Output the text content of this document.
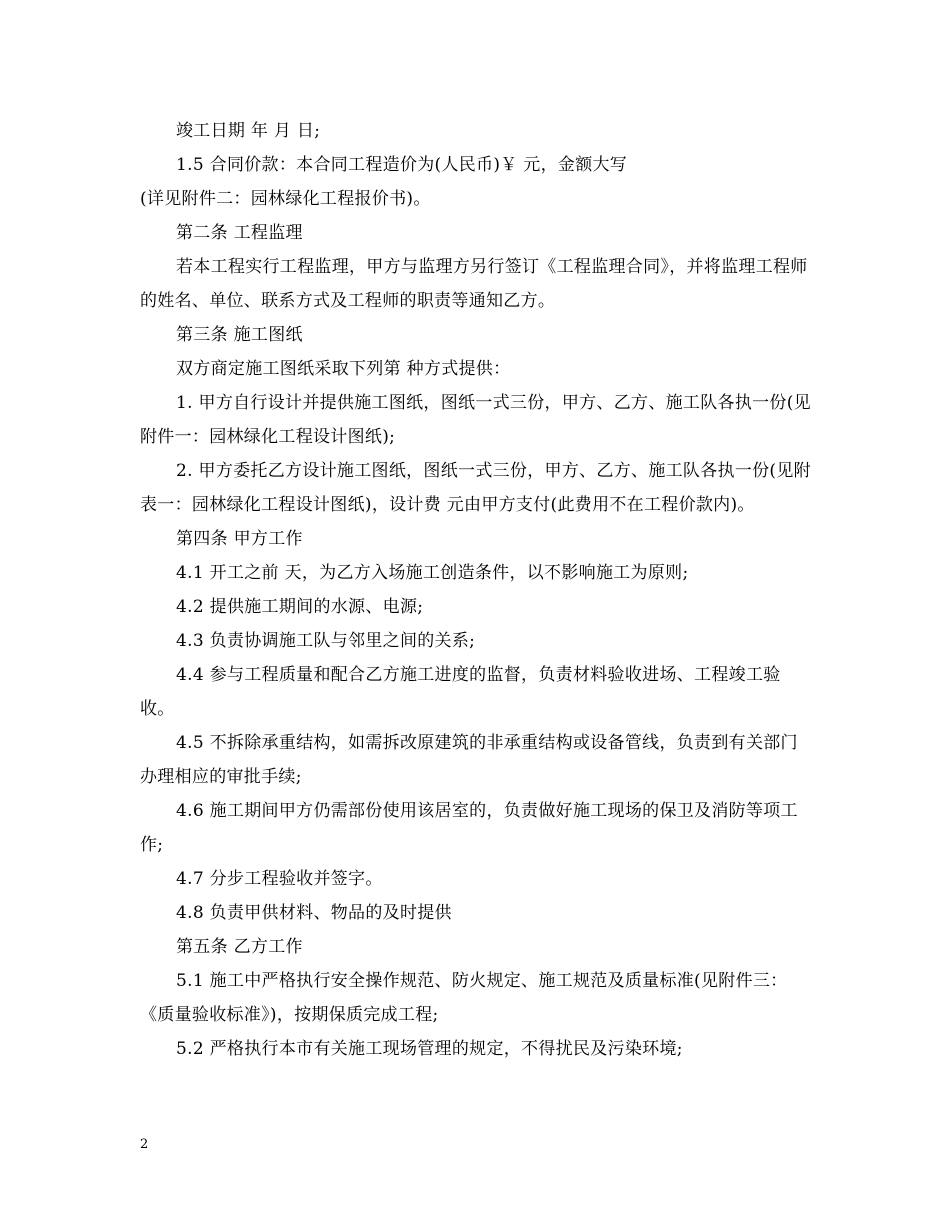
竣工日期 年 月 日;

1.5 合同价款：本合同工程造价为(人民币)￥ 元，金额大写

(详见附件二：园林绿化工程报价书)。

第二条 工程监理

若本工程实行工程监理，甲方与监理方另行签订《工程监理合同》，并将监理工程师的姓名、单位、联系方式及工程师的职责等通知乙方。

第三条 施工图纸

双方商定施工图纸采取下列第 种方式提供：

1. 甲方自行设计并提供施工图纸，图纸一式三份，甲方、乙方、施工队各执一份(见附件一：园林绿化工程设计图纸);

2. 甲方委托乙方设计施工图纸，图纸一式三份，甲方、乙方、施工队各执一份(见附表一：园林绿化工程设计图纸)，设计费 元由甲方支付(此费用不在工程价款内)。

第四条 甲方工作

4.1 开工之前 天，为乙方入场施工创造条件，以不影响施工为原则;

4.2 提供施工期间的水源、电源;

4.3 负责协调施工队与邻里之间的关系;

4.4 参与工程质量和配合乙方施工进度的监督，负责材料验收进场、工程竣工验收。

4.5 不拆除承重结构，如需拆改原建筑的非承重结构或设备管线，负责到有关部门办理相应的审批手续;

4.6 施工期间甲方仍需部份使用该居室的，负责做好施工现场的保卫及消防等项工作;

4.7 分步工程验收并签字。

4.8 负责甲供材料、物品的及时提供

第五条 乙方工作

5.1 施工中严格执行安全操作规范、防火规定、施工规范及质量标准(见附件三：《质量验收标准》)，按期保质完成工程;

5.2 严格执行本市有关施工现场管理的规定，不得扰民及污染环境;

2
